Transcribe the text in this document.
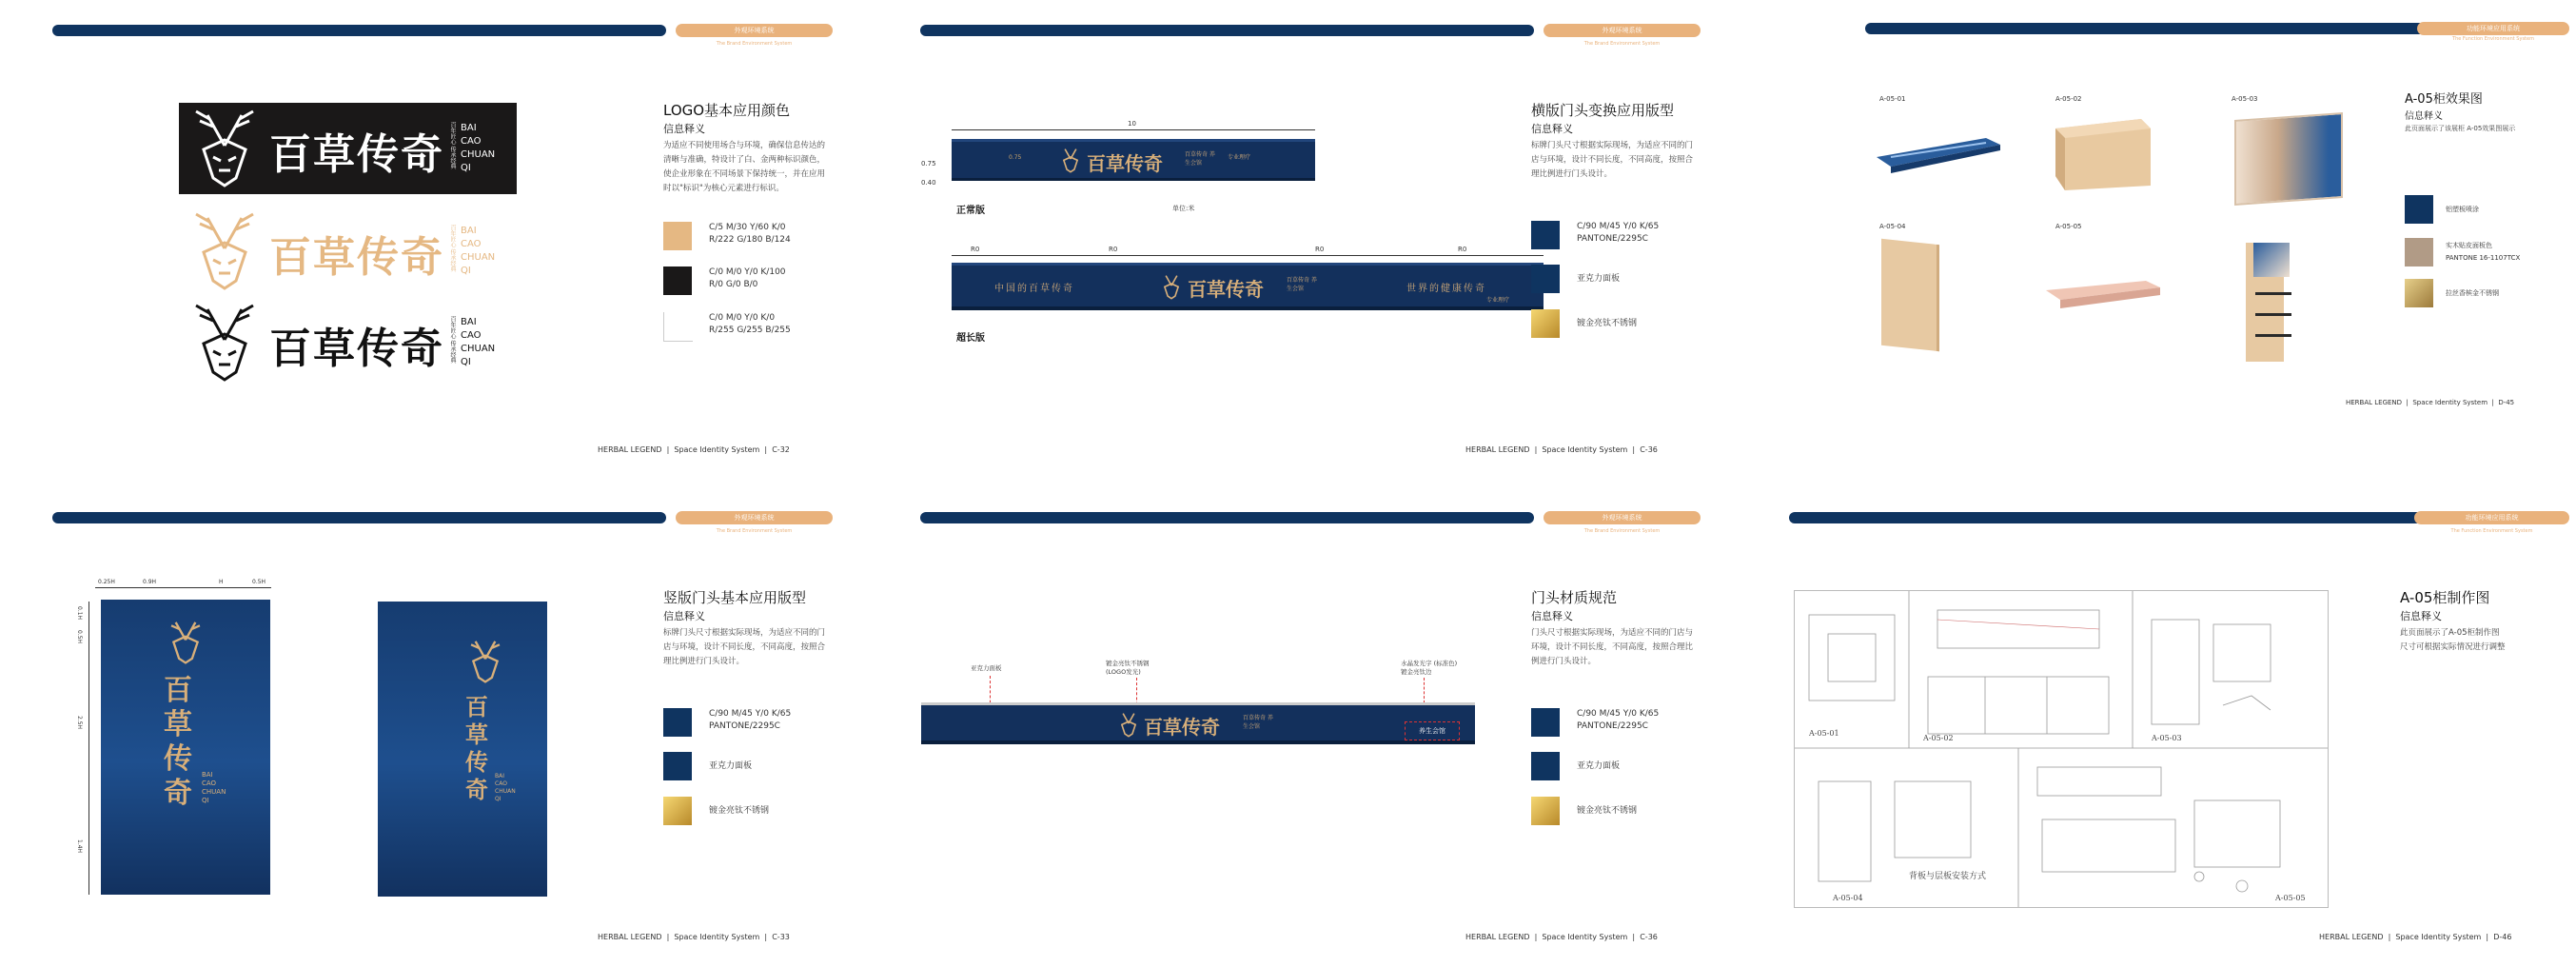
外观环境系统
The Brand Environment System
百草传奇 百年匠心 传承经典 BAI
CAO
CHUAN
QI
百草传奇 百年匠心 传承经典 BAI
CAO
CHUAN
QI
百草传奇 百年匠心 传承经典 BAI
CAO
CHUAN
QI
LOGO基本应用颜色
信息释义
为适应不同使用场合与环境，确保信息传达的清晰与准确，特设计了白、金两种标识颜色，使企业形象在不同场景下保持统一，并在应用时以"标识"为核心元素进行标识。
C/5 M/30 Y/60 K/0
R/222 G/180 B/124
C/0 M/0 Y/0 K/100
R/0 G/0 B/0
C/0 M/0 Y/0 K/0
R/255 G/255 B/255
HERBAL LEGEND  |  Space Identity System  |  C-32
外观环境系统
The Brand Environment System
10
0.75
0.40
0.75	百草传奇	百草传奇 养生会馆
专业理疗
正常版	单位:米
R0	R0	R0	R0
中国的百草传奇	百草传奇	百草传奇 养生会馆	世界的健康传奇
专业理疗
超长版
横版门头变换应用版型
信息释义
标牌门头尺寸根据实际现场，为适应不同的门店与环境，设计不同长度，不同高度，按照合理比例进行门头设计。
C/90 M/45 Y/0 K/65
PANTONE/2295C
亚克力面板
镀金亮钛不锈钢
HERBAL LEGEND  |  Space Identity System  |  C-36
功能环境应用系统
The Function Environment System
A-05-01	A-05-02	A-05-03
A-05-04	A-05-05
A-05柜效果图
信息释义
此页面展示了该展柜 A-05效果图展示
铝塑板喷涂
实木贴皮面板色
PANTONE 16-1107TCX
拉丝香槟金不锈钢
HERBAL LEGEND  |  Space Identity System  |  D-45
外观环境系统
The Brand Environment System
0.25H	0.9H	H	0.5H
0.1H
0.5H
2.5H
1.4H
百
草
传
奇
BAI
CAO
CHUAN
QI
百
草
传
奇 BAI
CAO
CHUAN
QI
竖版门头基本应用版型
信息释义
标牌门头尺寸根据实际现场，为适应不同的门店与环境，设计不同长度，不同高度，按照合理比例进行门头设计。
C/90 M/45 Y/0 K/65
PANTONE/2295C
亚克力面板
镀金亮钛不锈钢
HERBAL LEGEND  |  Space Identity System  |  C-33
外观环境系统
The Brand Environment System
亚克力面板
镀金亮钛不锈钢 (LOGO发光)
水晶发光字 (标准色) 镀金亮钛边
百草传奇	百草传奇 养生会馆
养生会馆
门头材质规范
信息释义
门头尺寸根据实际现场，为适应不同的门店与环境，设计不同长度，不同高度，按照合理比例进行门头设计。
C/90 M/45 Y/0 K/65
PANTONE/2295C
亚克力面板
镀金亮钛不锈钢
HERBAL LEGEND  |  Space Identity System  |  C-36
功能环境应用系统
The Function Environment System
A-05-01
A-05-02	A-05-03
A-05-04
背板与层板安装方式
A-05-05
A-05柜制作图
信息释义
此页面展示了A-05柜制作图
尺寸可根据实际情况进行调整
HERBAL LEGEND  |  Space Identity System  |  D-46
